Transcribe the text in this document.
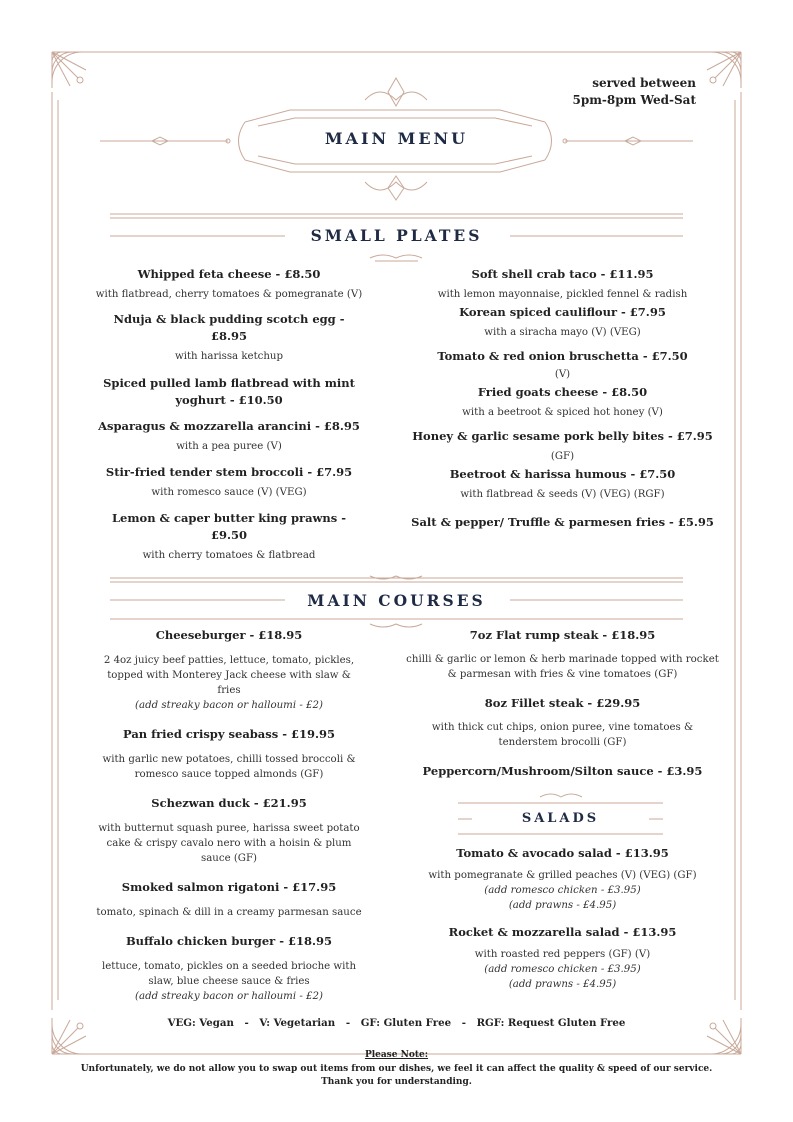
served between
5pm-8pm Wed-Sat
MAIN MENU
SMALL PLATES
Whipped feta cheese - £8.50
with flatbread, cherry tomatoes & pomegranate (V)
Nduja & black pudding scotch egg - £8.95
with harissa ketchup
Spiced pulled lamb flatbread with mint yoghurt - £10.50
Asparagus & mozzarella arancini - £8.95
with a pea puree (V)
Stir-fried tender stem broccoli - £7.95
with romesco sauce (V) (VEG)
Lemon & caper butter king prawns - £9.50
with cherry tomatoes & flatbread
Soft shell crab taco - £11.95
with lemon mayonnaise, pickled fennel & radish
Korean spiced cauliflour - £7.95
with a siracha mayo (V) (VEG)
Tomato & red onion bruschetta - £7.50
(V)
Fried goats cheese - £8.50
with a beetroot & spiced hot honey (V)
Honey & garlic sesame pork belly bites - £7.95
(GF)
Beetroot & harissa humous - £7.50
with flatbread & seeds (V) (VEG) (RGF)
Salt & pepper/ Truffle & parmesen fries - £5.95
MAIN COURSES
Cheeseburger - £18.95
2 4oz juicy beef patties, lettuce, tomato, pickles, topped with Monterey Jack cheese with slaw & fries
(add streaky bacon or halloumi - £2)
Pan fried crispy seabass - £19.95
with garlic new potatoes, chilli tossed broccoli & romesco sauce topped almonds (GF)
Schezwan duck - £21.95
with butternut squash puree, harissa sweet potato cake & crispy cavalo nero with a hoisin & plum sauce (GF)
Smoked salmon rigatoni - £17.95
tomato, spinach & dill in a creamy parmesan sauce
Buffalo chicken burger - £18.95
lettuce, tomato, pickles on a seeded brioche with slaw, blue cheese sauce & fries
(add streaky bacon or halloumi - £2)
7oz Flat rump steak - £18.95
chilli & garlic or lemon & herb marinade topped with rocket & parmesan with fries & vine tomatoes (GF)
8oz Fillet steak - £29.95
with thick cut chips, onion puree, vine tomatoes & tenderstem brocolli (GF)
Peppercorn/Mushroom/Silton sauce - £3.95
SALADS
Tomato & avocado salad - £13.95
with pomegranate & grilled peaches (V) (VEG) (GF)
(add romesco chicken - £3.95)
(add prawns - £4.95)
Rocket & mozzarella salad - £13.95
with roasted red peppers (GF) (V)
(add romesco chicken - £3.95)
(add prawns - £4.95)
VEG: Vegan   -   V: Vegetarian   -   GF: Gluten Free   -   RGF: Request Gluten Free
Please Note:
Unfortunately, we do not allow you to swap out items from our dishes, we feel it can affect the quality & speed of our service.
Thank you for understanding.
